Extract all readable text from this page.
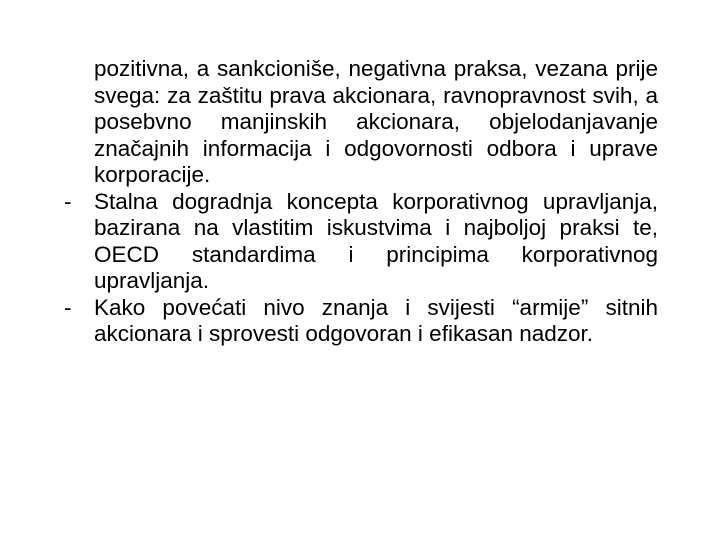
pozitivna, a sankcioniše, negativna praksa, vezana prije svega: za zaštitu prava akcionara, ravnopravnost svih, a posebvno manjinskih akcionara, objelodanjavanje značajnih informacija i odgovornosti odbora i uprave korporacije.

- Stalna dogradnja koncepta korporativnog upravljanja, bazirana na vlastitim iskustvima i najboljoj praksi te, OECD standardima i principima korporativnog upravljanja.

- Kako povećati nivo znanja i svijesti “armije” sitnih akcionara i sprovesti odgovoran i efikasan nadzor.
